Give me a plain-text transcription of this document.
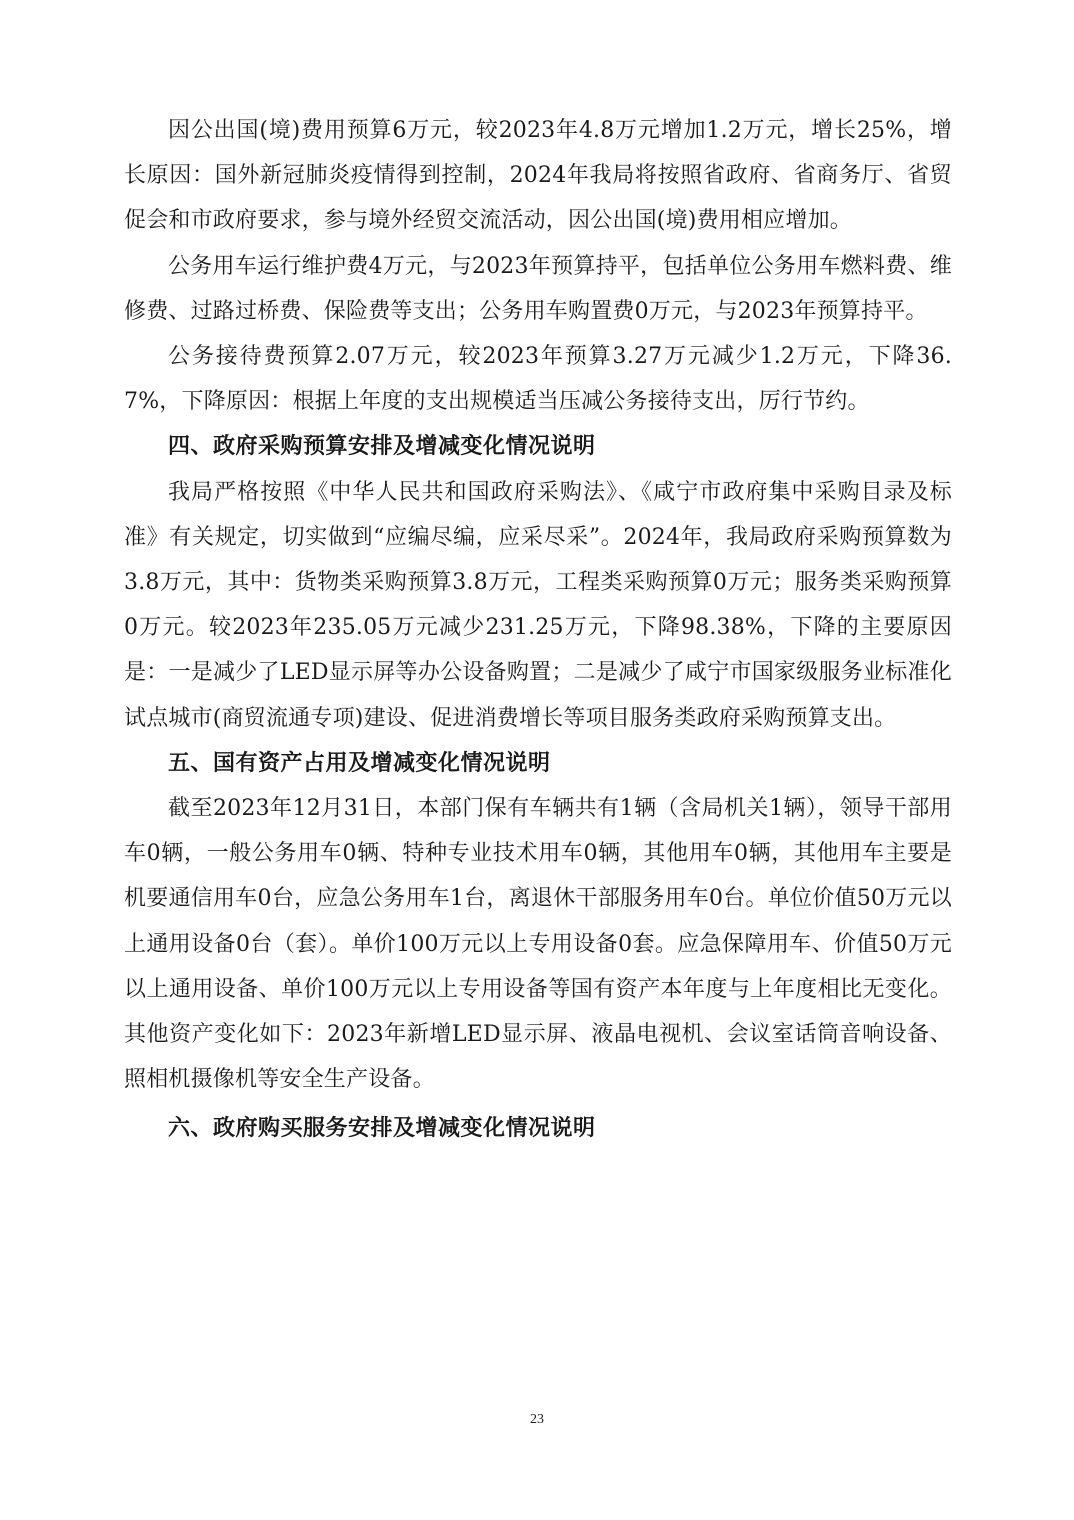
因公出国(境)费用预算6万元，较2023年4.8万元增加1.2万元，增长25%，增长原因：国外新冠肺炎疫情得到控制，2024年我局将按照省政府、省商务厅、省贸促会和市政府要求，参与境外经贸交流活动，因公出国(境)费用相应增加。

公务用车运行维护费4万元，与2023年预算持平，包括单位公务用车燃料费、维修费、过路过桥费、保险费等支出；公务用车购置费0万元，与2023年预算持平。

公务接待费预算2.07万元，较2023年预算3.27万元减少1.2万元，下降36.7%，下降原因：根据上年度的支出规模适当压减公务接待支出，厉行节约。

四、政府采购预算安排及增减变化情况说明

我局严格按照《中华人民共和国政府采购法》、《咸宁市政府集中采购目录及标准》有关规定，切实做到“应编尽编，应采尽采”。2024年，我局政府采购预算数为3.8万元，其中：货物类采购预算3.8万元，工程类采购预算0万元；服务类采购预算0万元。较2023年235.05万元减少231.25万元，下降98.38%，下降的主要原因是：一是减少了LED显示屏等办公设备购置；二是减少了咸宁市国家级服务业标准化试点城市(商贸流通专项)建设、促进消费增长等项目服务类政府采购预算支出。

五、国有资产占用及增减变化情况说明

截至2023年12月31日，本部门保有车辆共有1辆（含局机关1辆），领导干部用车0辆，一般公务用车0辆、特种专业技术用车0辆，其他用车0辆，其他用车主要是机要通信用车0台，应急公务用车1台，离退休干部服务用车0台。单位价值50万元以上通用设备0台（套）。单价100万元以上专用设备0套。应急保障用车、价值50万元以上通用设备、单价100万元以上专用设备等国有资产本年度与上年度相比无变化。其他资产变化如下：2023年新增LED显示屏、液晶电视机、会议室话筒音响设备、照相机摄像机等安全生产设备。

六、政府购买服务安排及增减变化情况说明

23
